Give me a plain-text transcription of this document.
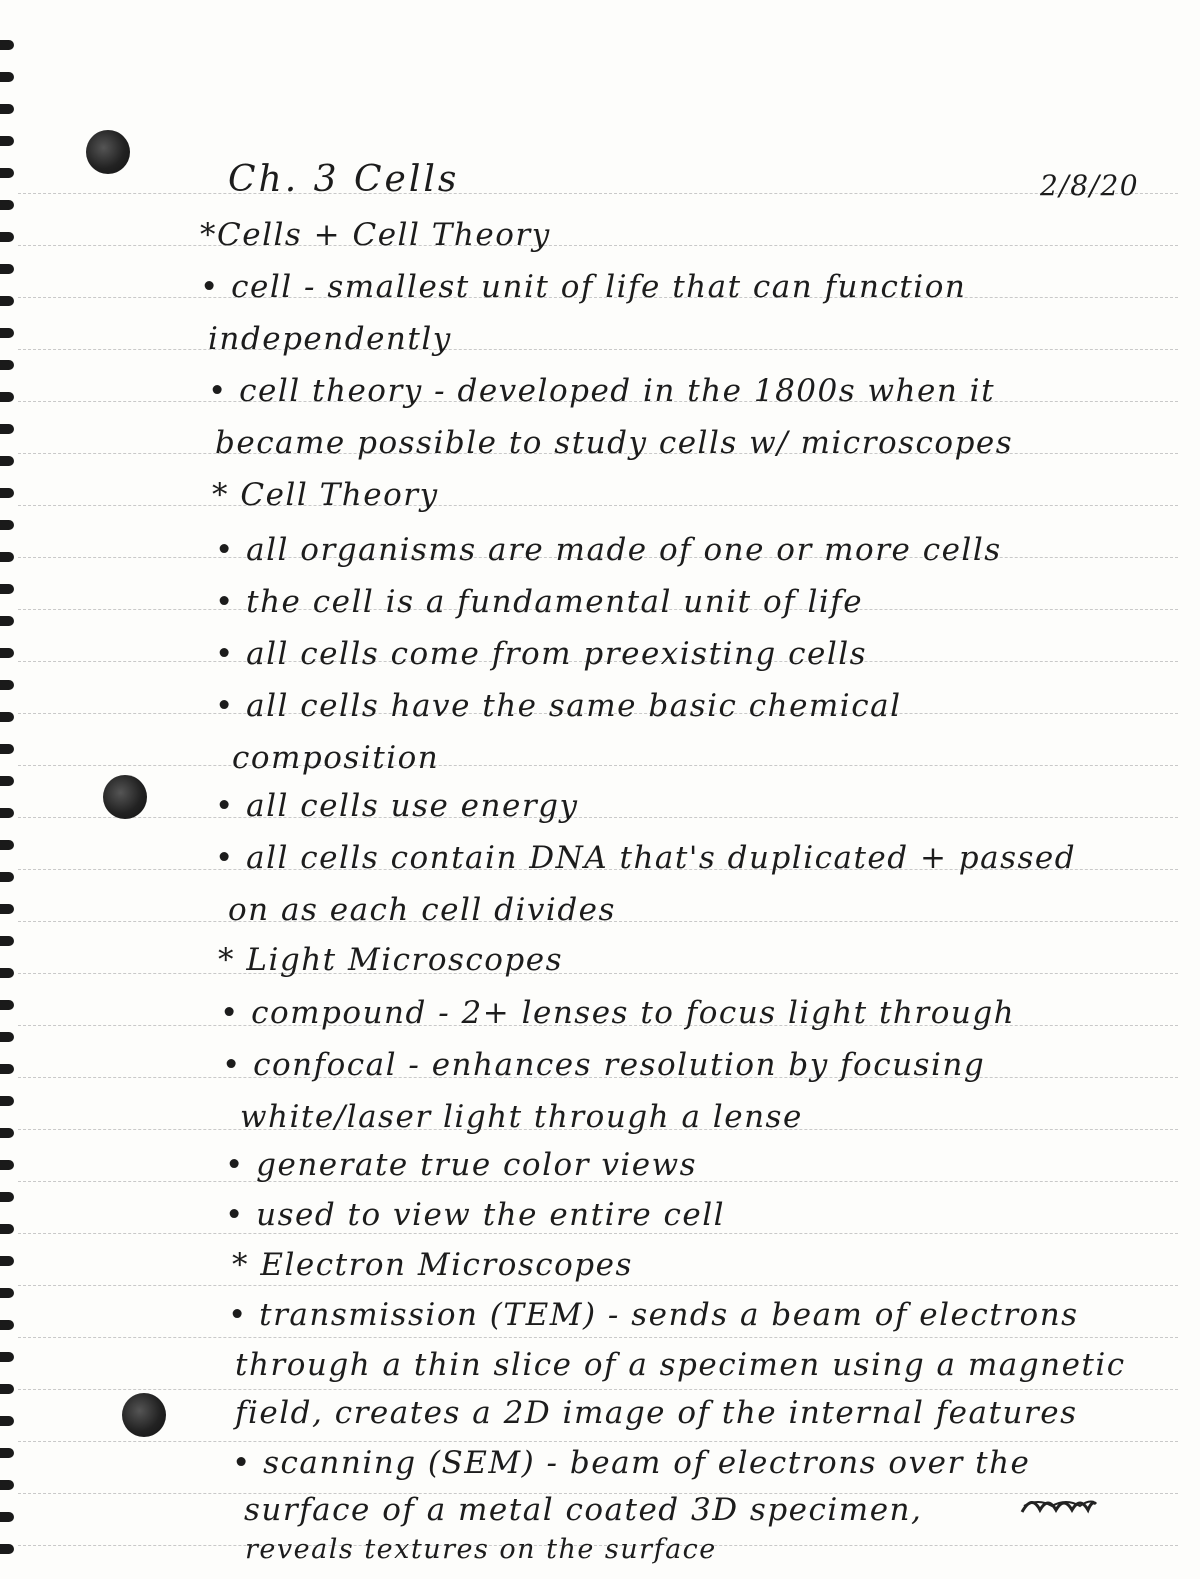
Ch. 3 Cells	2/8/20
*Cells + Cell Theory
• cell - smallest unit of life that can function
independently
• cell theory - developed in the 1800s when it
became possible to study cells w/ microscopes
* Cell Theory
• all organisms are made of one or more cells
• the cell is a fundamental unit of life
• all cells come from preexisting cells
• all cells have the same basic chemical
composition
• all cells use energy
• all cells contain DNA that's duplicated + passed
on as each cell divides
* Light Microscopes
• compound - 2+ lenses to focus light through
• confocal - enhances resolution by focusing
white/laser light through a lense
• generate true color views
• used to view the entire cell
* Electron Microscopes
• transmission (TEM) - sends a beam of electrons
through a thin slice of a specimen using a magnetic
field, creates a 2D image of the internal features
• scanning (SEM) - beam of electrons over the
surface of a metal coated 3D specimen,
reveals textures on the surface
